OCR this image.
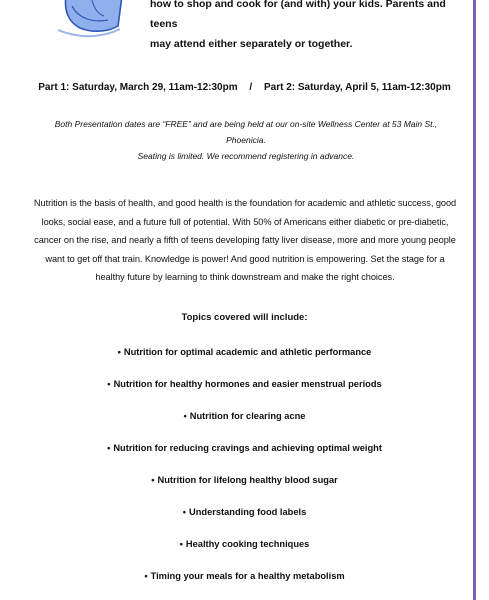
how to shop and cook for (and with) your kids. Parents and teens
may attend either separately or together.
Part 1: Saturday, March 29, 11am-12:30pm / Part 2: Saturday, April 5, 11am-12:30pm
Both Presentation dates are “FREE” and are being held at our on-site Wellness Center at 53 Main St., Phoenicia.
Seating is limited. We recommend registering in advance.
Nutrition is the basis of health, and good health is the foundation for academic and athletic success, good
looks, social ease, and a future full of potential. With 50% of Americans either diabetic or pre-diabetic,
cancer on the rise, and nearly a fifth of teens developing fatty liver disease, more and more young people
want to get off that train. Knowledge is power! And good nutrition is empowering. Set the stage for a
healthy future by learning to think downstream and make the right choices.
Topics covered will include:
• Nutrition for optimal academic and athletic performance
• Nutrition for healthy hormones and easier menstrual periods
• Nutrition for clearing acne
• Nutrition for reducing cravings and achieving optimal weight
• Nutrition for lifelong healthy blood sugar
• Understanding food labels
• Healthy cooking techniques
• Timing your meals for a healthy metabolism
